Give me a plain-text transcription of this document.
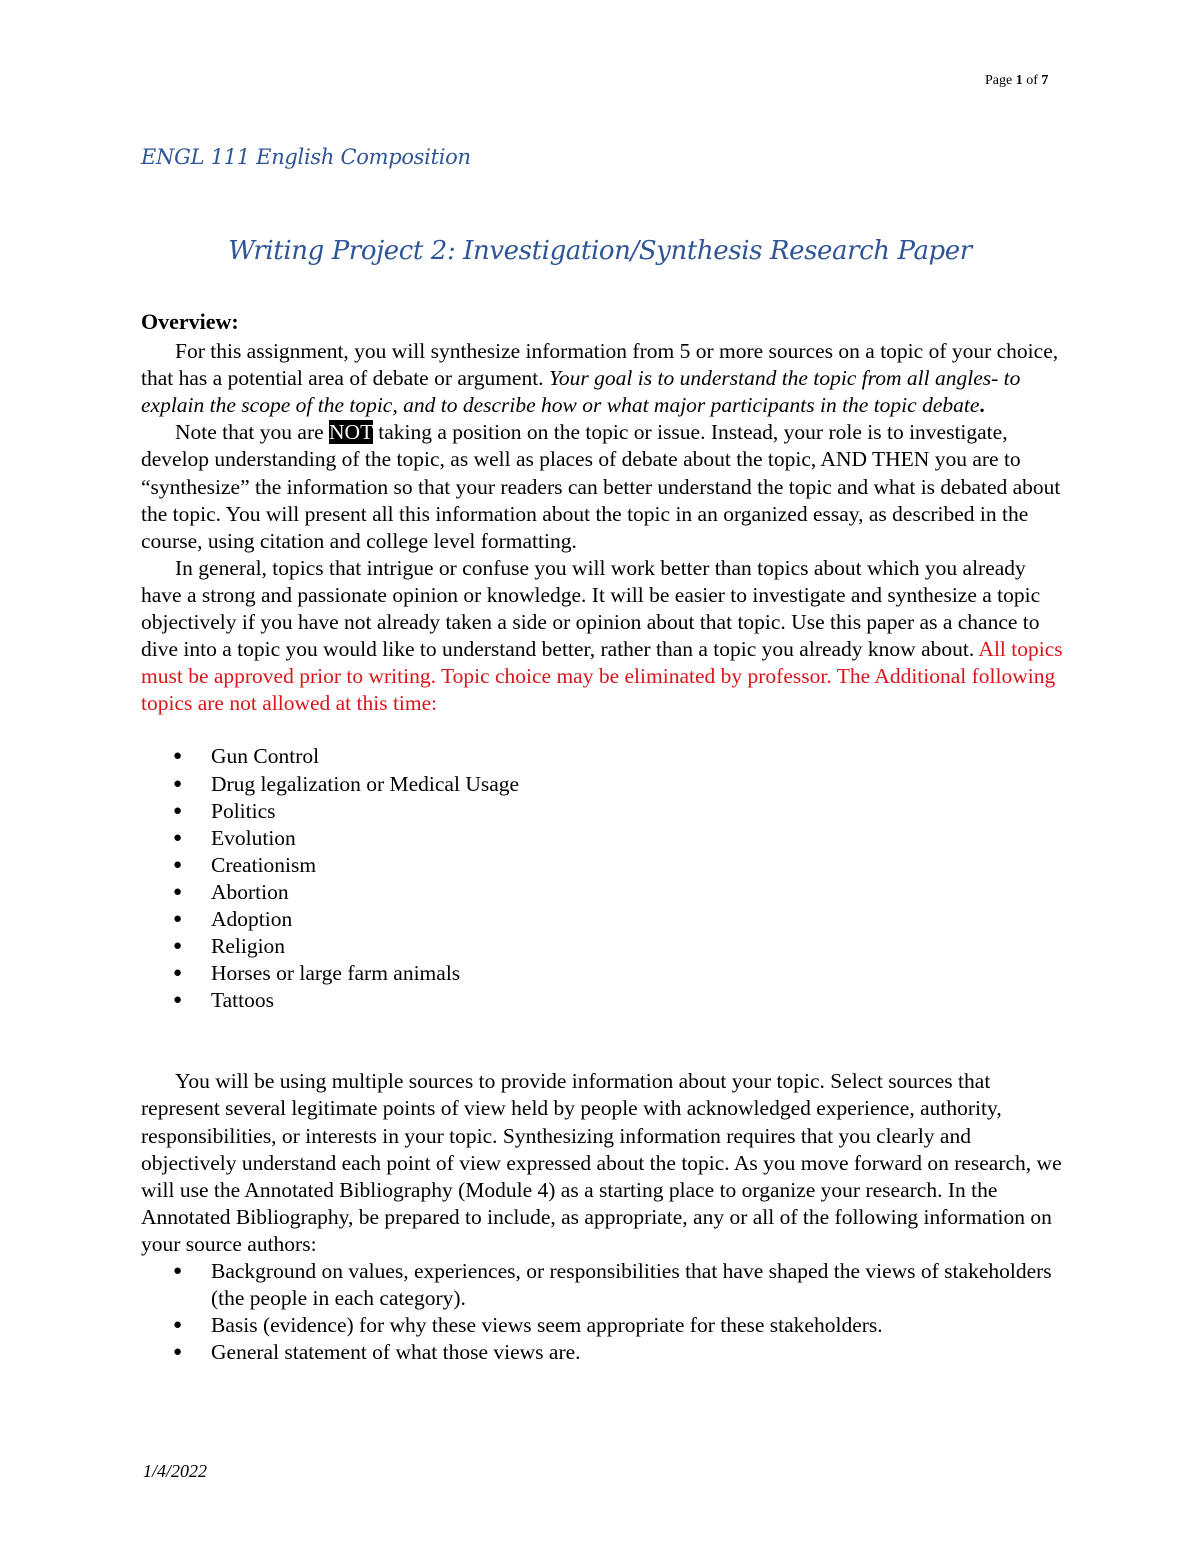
Page 1 of 7
ENGL 111 English Composition
Writing Project 2: Investigation/Synthesis Research Paper
Overview:

For this assignment, you will synthesize information from 5 or more sources on a topic of your choice, that has a potential area of debate or argument. Your goal is to understand the topic from all angles- to explain the scope of the topic, and to describe how or what major participants in the topic debate.

Note that you are NOT taking a position on the topic or issue. Instead, your role is to investigate, develop understanding of the topic, as well as places of debate about the topic, AND THEN you are to “synthesize” the information so that your readers can better understand the topic and what is debated about the topic. You will present all this information about the topic in an organized essay, as described in the course, using citation and college level formatting.

In general, topics that intrigue or confuse you will work better than topics about which you already have a strong and passionate opinion or knowledge. It will be easier to investigate and synthesize a topic objectively if you have not already taken a side or opinion about that topic. Use this paper as a chance to dive into a topic you would like to understand better, rather than a topic you already know about. All topics must be approved prior to writing. Topic choice may be eliminated by professor. The Additional following topics are not allowed at this time:

● Gun Control
● Drug legalization or Medical Usage
● Politics
● Evolution
● Creationism
● Abortion
● Adoption
● Religion
● Horses or large farm animals
● Tattoos

You will be using multiple sources to provide information about your topic. Select sources that represent several legitimate points of view held by people with acknowledged experience, authority, responsibilities, or interests in your topic. Synthesizing information requires that you clearly and objectively understand each point of view expressed about the topic. As you move forward on research, we will use the Annotated Bibliography (Module 4) as a starting place to organize your research. In the Annotated Bibliography, be prepared to include, as appropriate, any or all of the following information on your source authors:

● Background on values, experiences, or responsibilities that have shaped the views of stakeholders (the people in each category).
● Basis (evidence) for why these views seem appropriate for these stakeholders.
● General statement of what those views are.
1/4/2022
